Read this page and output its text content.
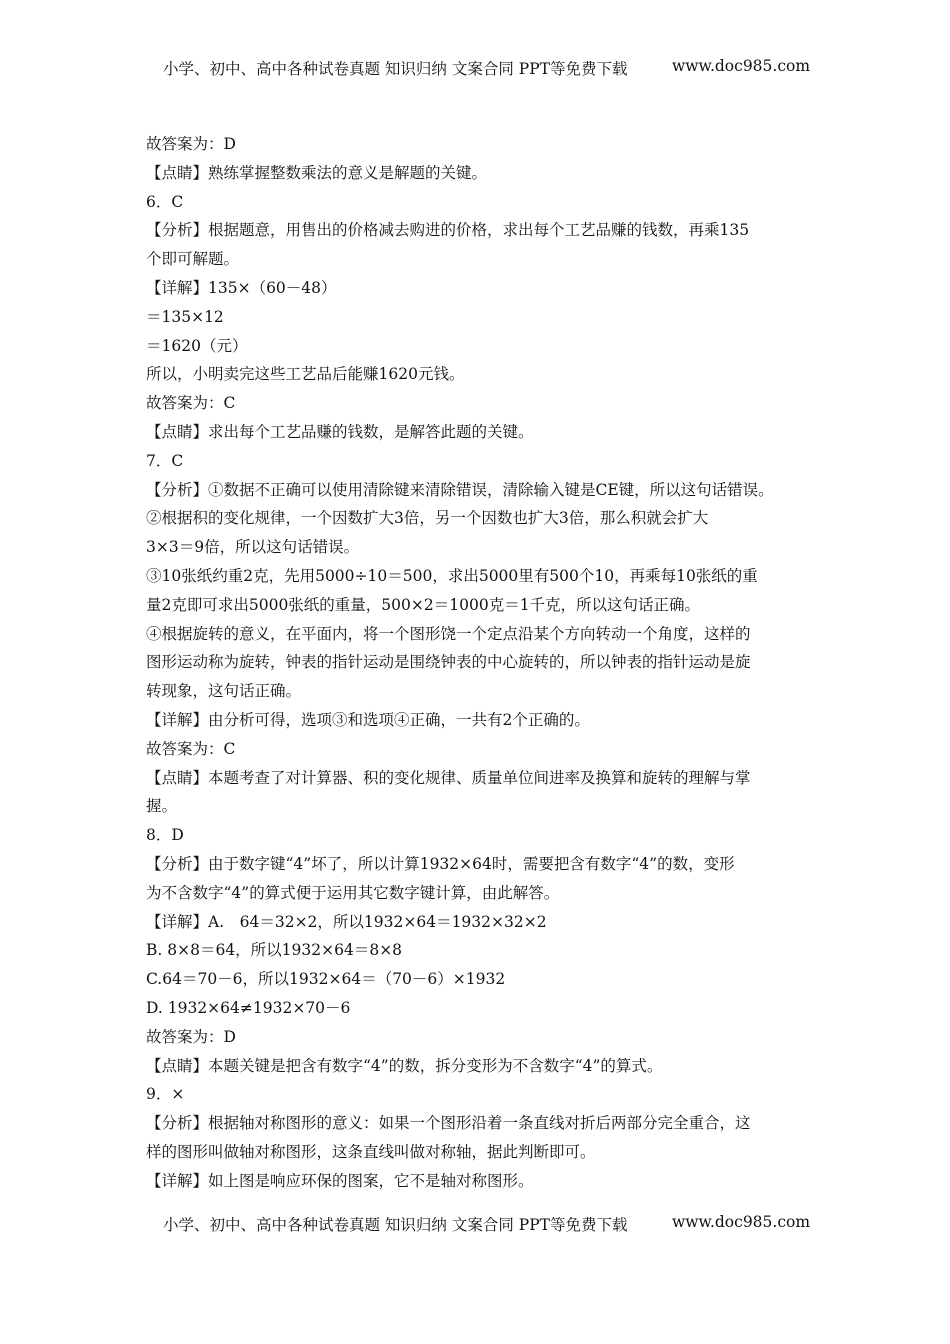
小学、初中、高中各种试卷真题 知识归纳 文案合同 PPT等免费下载	www.doc985.com
故答案为：D
【点睛】熟练掌握整数乘法的意义是解题的关键。
6．C
【分析】根据题意，用售出的价格减去购进的价格，求出每个工艺品赚的钱数，再乘135
个即可解题。
【详解】135×（60－48）
＝135×12
＝1620（元）
所以，小明卖完这些工艺品后能赚1620元钱。
故答案为：C
【点睛】求出每个工艺品赚的钱数，是解答此题的关键。
7．C
【分析】①数据不正确可以使用清除键来清除错误，清除输入键是CE键，所以这句话错误。
②根据积的变化规律，一个因数扩大3倍，另一个因数也扩大3倍，那么积就会扩大
3×3＝9倍，所以这句话错误。
③10张纸约重2克，先用5000÷10＝500，求出5000里有500个10，再乘每10张纸的重
量2克即可求出5000张纸的重量，500×2＝1000克＝1千克，所以这句话正确。
④根据旋转的意义，在平面内，将一个图形饶一个定点沿某个方向转动一个角度，这样的
图形运动称为旋转，钟表的指针运动是围绕钟表的中心旋转的，所以钟表的指针运动是旋
转现象，这句话正确。
【详解】由分析可得，选项③和选项④正确，一共有2个正确的。
故答案为：C
【点睛】本题考查了对计算器、积的变化规律、质量单位间进率及换算和旋转的理解与掌
握。
8．D
【分析】由于数字键“4”坏了，所以计算1932×64时，需要把含有数字“4”的数，变形
为不含数字“4”的算式便于运用其它数字键计算，由此解答。
【详解】A.　64＝32×2，所以1932×64＝1932×32×2
B. 8×8＝64，所以1932×64＝8×8
C.64＝70－6，所以1932×64＝（70－6）×1932
D. 1932×64≠1932×70－6
故答案为：D
【点睛】本题关键是把含有数字“4”的数，拆分变形为不含数字“4”的算式。
9．×
【分析】根据轴对称图形的意义：如果一个图形沿着一条直线对折后两部分完全重合，这
样的图形叫做轴对称图形，这条直线叫做对称轴，据此判断即可。
【详解】如上图是响应环保的图案，它不是轴对称图形。
小学、初中、高中各种试卷真题 知识归纳 文案合同 PPT等免费下载	www.doc985.com
